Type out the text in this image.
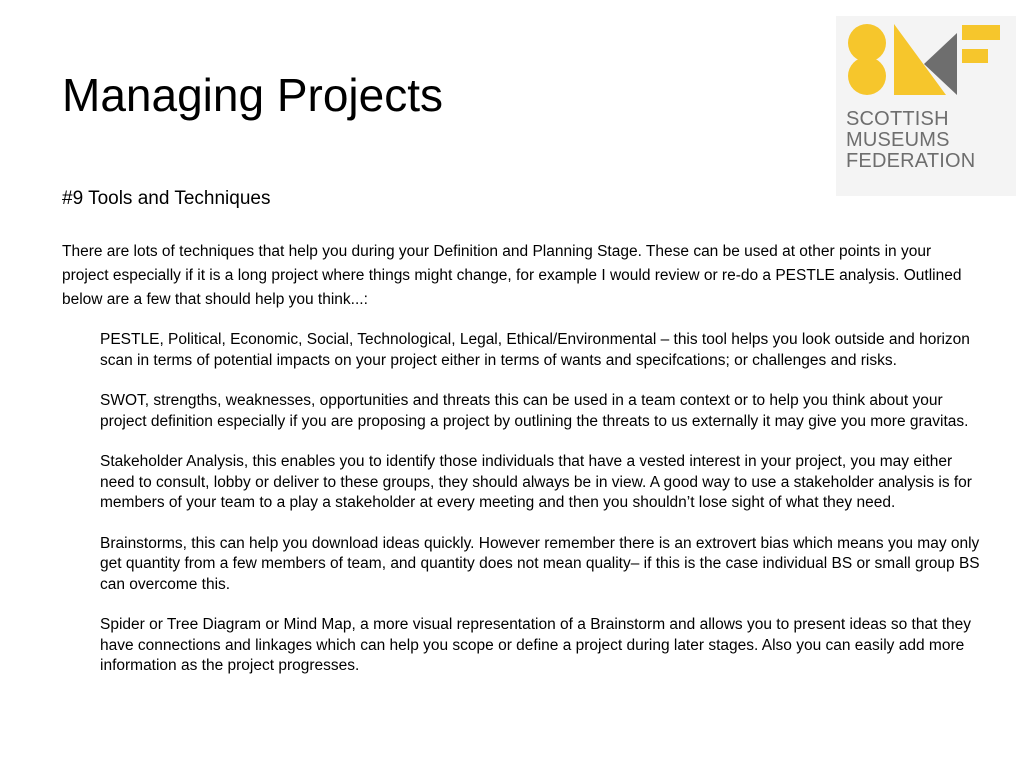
Managing Projects	SCOTTISH
MUSEUMS
FEDERATION
#9 Tools and Techniques

There are lots of techniques that help you during your Definition and Planning Stage. These can be used at other points in your project especially if it is a long project where things might change, for example I would review or re-do a PESTLE analysis. Outlined below are a few that should help you think...:

PESTLE, Political, Economic, Social, Technological, Legal, Ethical/Environmental – this tool helps you look outside and horizon scan in terms of potential impacts on your project either in terms of wants and specifcations; or challenges and risks.
SWOT, strengths, weaknesses, opportunities and threats this can be used in a team context or to help you think about your project definition especially if you are proposing a project by outlining the threats to us externally it may give you more gravitas.
Stakeholder Analysis, this enables you to identify those individuals that have a vested interest in your project, you may either need to consult, lobby or deliver to these groups, they should always be in view. A good way to use a stakeholder analysis is for members of your team to a play a stakeholder at every meeting and then you shouldn’t lose sight of what they need.
Brainstorms, this can help you download ideas quickly. However remember there is an extrovert bias which means you may only get quantity from a few members of team, and quantity does not mean quality– if this is the case individual BS or small group BS can overcome this.
Spider or Tree Diagram or Mind Map, a more visual representation of a Brainstorm and allows you to present ideas so that they have connections and linkages which can help you scope or define a project during later stages. Also you can easily add more information as the project progresses.
